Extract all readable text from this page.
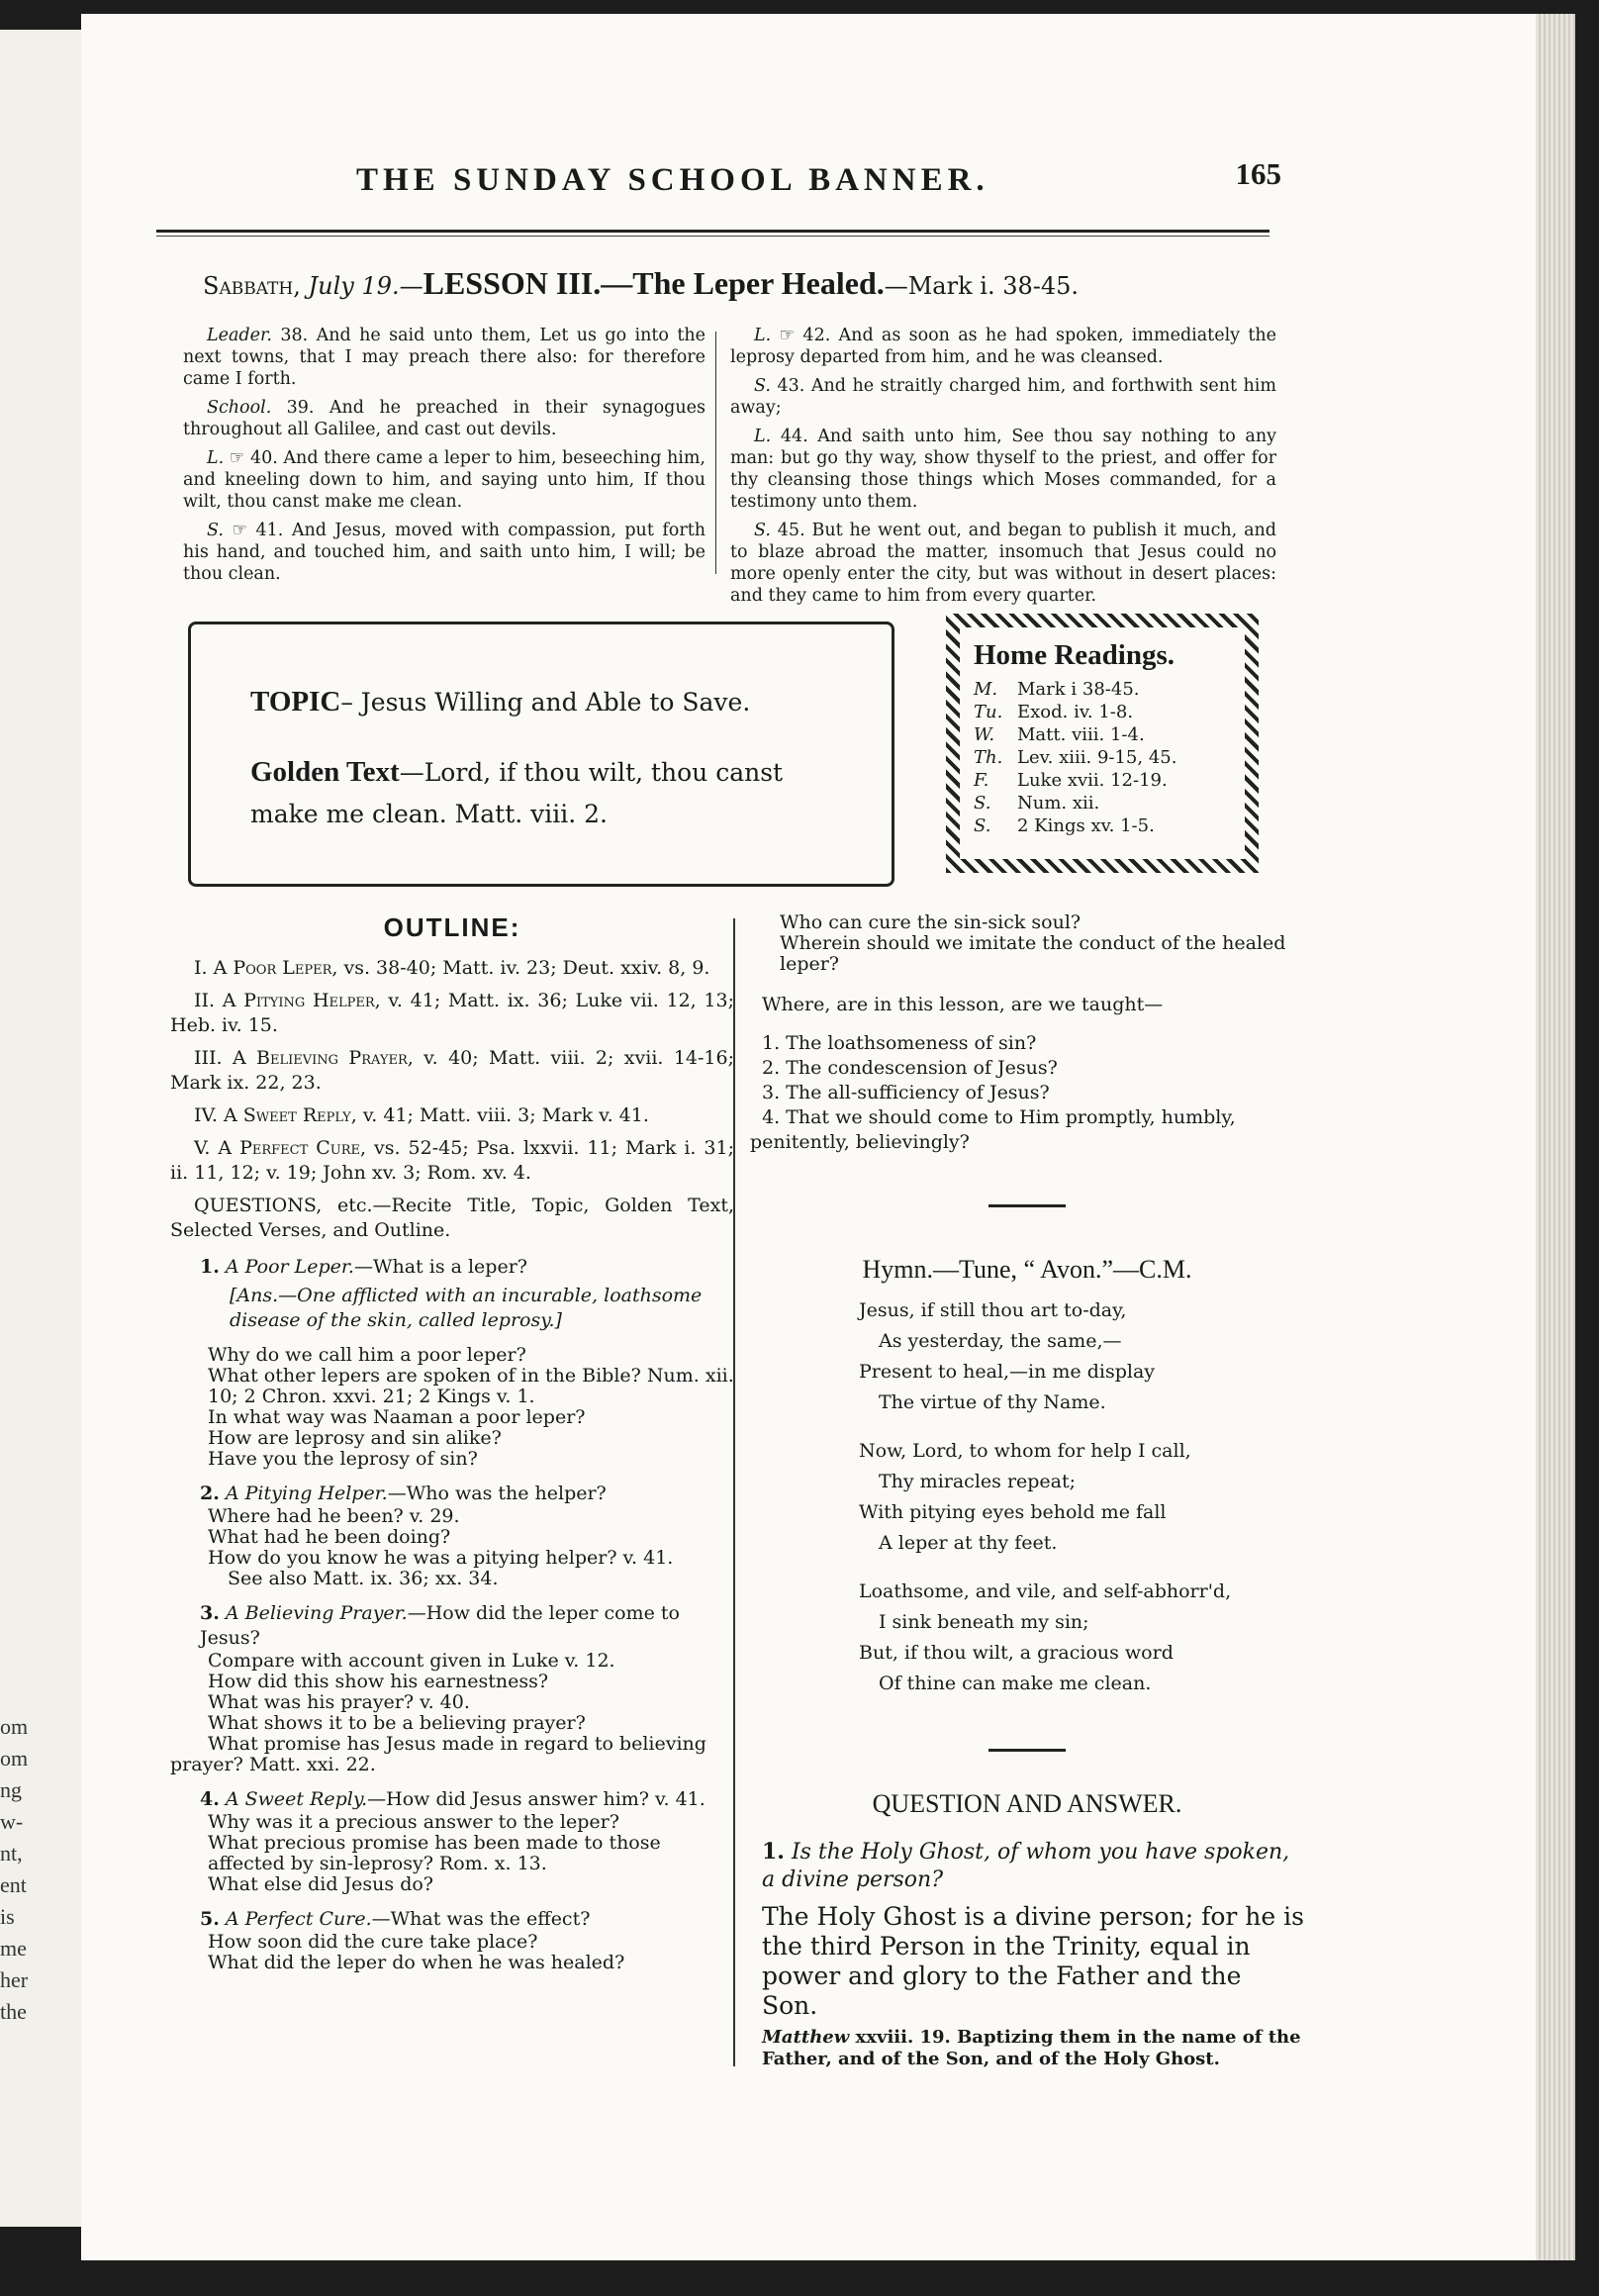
om
om
ng
w-
nt,
ent
is
me
her
the
THE SUNDAY SCHOOL BANNER.	165
Sabbath, July 19.—LESSON III.—The Leper Healed.—Mark i. 38-45.

Leader. 38. And he said unto them, Let us go into the next towns, that I may preach there also: for therefore came I forth.

School. 39. And he preached in their synagogues throughout all Galilee, and cast out devils.

L. ☞ 40. And there came a leper to him, beseeching him, and kneeling down to him, and saying unto him, If thou wilt, thou canst make me clean.

S. ☞ 41. And Jesus, moved with compassion, put forth his hand, and touched him, and saith unto him, I will; be thou clean.

L. ☞ 42. And as soon as he had spoken, immediately the leprosy departed from him, and he was cleansed.

S. 43. And he straitly charged him, and forthwith sent him away;

L. 44. And saith unto him, See thou say nothing to any man: but go thy way, show thyself to the priest, and offer for thy cleansing those things which Moses commanded, for a testimony unto them.

S. 45. But he went out, and began to publish it much, and to blaze abroad the matter, insomuch that Jesus could no more openly enter the city, but was without in desert places: and they came to him from every quarter.

TOPIC– Jesus Willing and Able to Save.
Golden Text—Lord, if thou wilt, thou canst make me clean. Matt. viii. 2.
Home Readings.
M. Mark i 38-45.
Tu. Exod. iv. 1-8.
W. Matt. viii. 1-4.
Th. Lev. xiii. 9-15, 45.
F. Luke xvii. 12-19.
S. Num. xii.
S. 2 Kings xv. 1-5.

OUTLINE:

I. A Poor Leper, vs. 38-40; Matt. iv. 23; Deut. xxiv. 8, 9.

II. A Pitying Helper, v. 41; Matt. ix. 36; Luke vii. 12, 13; Heb. iv. 15.

III. A Believing Prayer, v. 40; Matt. viii. 2; xvii. 14-16; Mark ix. 22, 23.

IV. A Sweet Reply, v. 41; Matt. viii. 3; Mark v. 41.

V. A Perfect Cure, vs. 52-45; Psa. lxxvii. 11; Mark i. 31; ii. 11, 12; v. 19; John xv. 3; Rom. xv. 4.

QUESTIONS, etc.—Recite Title, Topic, Golden Text, Selected Verses, and Outline.

1. A Poor Leper.—What is a leper?

[Ans.—One afflicted with an incurable, loathsome disease of the skin, called leprosy.]

Why do we call him a poor leper?

What other lepers are spoken of in the Bible? Num. xii. 10; 2 Chron. xxvi. 21; 2 Kings v. 1.

In what way was Naaman a poor leper?

How are leprosy and sin alike?

Have you the leprosy of sin?

2. A Pitying Helper.—Who was the helper?

Where had he been? v. 29.

What had he been doing?

How do you know he was a pitying helper? v. 41.

See also Matt. ix. 36; xx. 34.

3. A Believing Prayer.—How did the leper come to Jesus?

Compare with account given in Luke v. 12.

How did this show his earnestness?

What was his prayer? v. 40.

What shows it to be a believing prayer?

What promise has Jesus made in regard to believing

prayer? Matt. xxi. 22.

4. A Sweet Reply.—How did Jesus answer him? v. 41.

Why was it a precious answer to the leper?

What precious promise has been made to those affected by sin-leprosy? Rom. x. 13.

What else did Jesus do?

5. A Perfect Cure.—What was the effect?

How soon did the cure take place?

What did the leper do when he was healed?

Who can cure the sin-sick soul?

Wherein should we imitate the conduct of the healed leper?

Where, are in this lesson, are we taught—

1. The loathsomeness of sin?

2. The condescension of Jesus?

3. The all-sufficiency of Jesus?

4. That we should come to Him promptly, humbly, penitently, believingly?

Hymn.—Tune, “ Avon.”—C.M.

Jesus, if still thou art to-day,

As yesterday, the same,—

Present to heal,—in me display

The virtue of thy Name.

Now, Lord, to whom for help I call,

Thy miracles repeat;

With pitying eyes behold me fall

A leper at thy feet.

Loathsome, and vile, and self-abhorr'd,

I sink beneath my sin;

But, if thou wilt, a gracious word

Of thine can make me clean.

QUESTION AND ANSWER.

1. Is the Holy Ghost, of whom you have spoken, a divine person?

The Holy Ghost is a divine person; for he is the third Person in the Trinity, equal in power and glory to the Father and the Son.

Matthew xxviii. 19. Baptizing them in the name of the Father, and of the Son, and of the Holy Ghost.
